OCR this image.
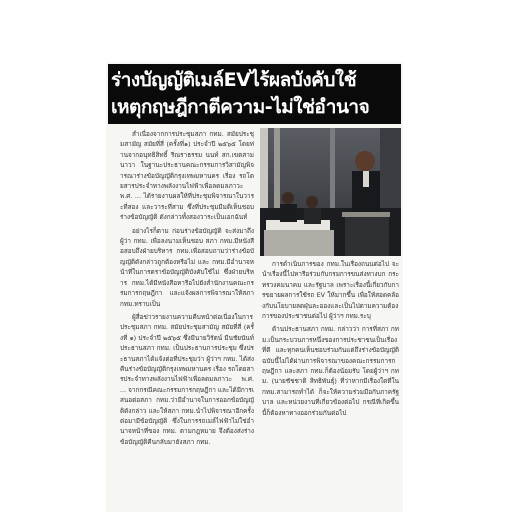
ร่างบัญญัติเมล์EVไร้ผลบังคับใช้
เหตุกฤษฎีกาตีความ-ไม่ใช่อำนาจ

สำเนื่องจากการประชุมสภา กทม. สมัยประชุมสามัญ สมัยที่สี่ (ครั้งที่๑) ประจำปี ๒๕๖๕ โดยท่านจากอนุทธิสิทธิ์ รีณราธรรม นนท์ สก.เขตสามนาวา ในฐานะประธานคณะกรรมการวิสามัญพิจารณาร่างข้อบัญญัติกรุงเทพมหานคร เรื่อง รถโดยสารประจำทางพลังงานไฟฟ้าเพื่อลดมลภาวะ พ.ศ. ... ได้รายงานผลให้ที่ประชุมพิจารณาในวาระที่สอง และวาระที่สาม ซึ่งที่ประชุมมีมติเห็นชอบร่างข้อบัญญัติ ดังกล่าวทั้งสองวาระเป็นเอกฉันท์

อย่างไรก็ตาม ก่อนร่างข้อบัญญัติ จะส่งมาถึงผู้ว่า กทม. เพื่อลงนามเห็นชอบ สภา กทม.มีหนังสือสอบถึงฝ่ายบริหาร กทม.เพื่อสอบถามว่าร่างข้อบัญญัติดังกล่าวถูกต้องหรือไม่ และ กทม.มีอำนาจหน้าที่ในการตราข้อบัญญัติบังคับใช้ไม่ ซึ่งฝ่ายบริหาร กทม.ได้มีหนังสือหารือไปยังสำนักงานคณะกรรมการกฤษฎีกา และแจ้งผลการพิจารณาให้สภา กทม.ทราบเป็น

ผู้สื่อข่าวรายงานความคืบหน้าต่อเนื่องในการประชุมสภา กทม. สมัยประชุมสามัญ สมัยที่สี่ (ครั้งที่ ๑) ประจำปี ๒๕๖๕ ซึ่งมีนายวิรัตน์ มีนชัยนันท์ ประธานสภา กทม. เป็นประธานการประชุม ซึ่งประธานสภาได้แจ้งต่อที่ประชุมว่า ผู้ว่าฯ กทม. ได้ส่งคืนร่างข้อบัญญัติกรุงเทพมหานคร เรื่อง รถโดยสารประจำทางพลังงานไฟฟ้าเพื่อลดมลภาวะ พ.ศ. ... จากกรณีคณะกรรมการกฤษฎีกา และได้มีการเสนอต่อสภา กทม.ว่ามีอำนาจในการออกข้อบัญญัติดังกล่าว และให้สภา กทม.นำไปพิจารณาอีกครั้ง ต่อมามีข้อบัญญัติ ซึ่งในการรถเมล์ไฟฟ้าไม่ใช่อำนาจหน้าที่ของ กทม. ตามกฎหมาย จึงต้องส่งร่างข้อบัญญัติคืนกลับมายังสภา กทม.

การดำเนินการของ กทม.ในเรื่องถนนต่อไป จะนำเรื่องนี้ไปหารือร่วมกับกรมการขนส่งทางบก กระทรวงคมนาคม และรัฐบาล เพราะเรื่องนี้เกี่ยวกับการขยายผลการใช้รถ EV ให้มากขึ้น เพื่อให้สอดคล้องกับนโยบายลดฝุ่นละอองและเป็นไปตามความต้องการของประชาชนต่อไป ผู้ว่าฯ กทม.ระบุ

ด้านประธานสภา กทม. กล่าวว่า การที่สภา กทม.เป็นกระบวนการหนึ่งของการประชาชนเป็นเรื่องที่ดี และทุกคนเห็นชอบร่วมกันแต่ถึงร่างข้อบัญญัติฉบับนี้ไม่ได้ผ่านการพิจารณาของคณะกรรมการกฤษฎีกา และสภา กทม.ก็ต้องน้อมรับ โดยผู้ว่าฯ กทม. (นายชัชชาติ สิทธิพันธุ์) ที่ว่าหากมีเรื่องใดที่ใน กทม.สามารถทำได้ ก็จะให้ความร่วมมือกับภาครัฐบาล และหน่วยงานที่เกี่ยวข้องต่อไป กรณีที่เกิดขึ้นนี้ก็ต้องหาทางออกร่วมกันต่อไป
